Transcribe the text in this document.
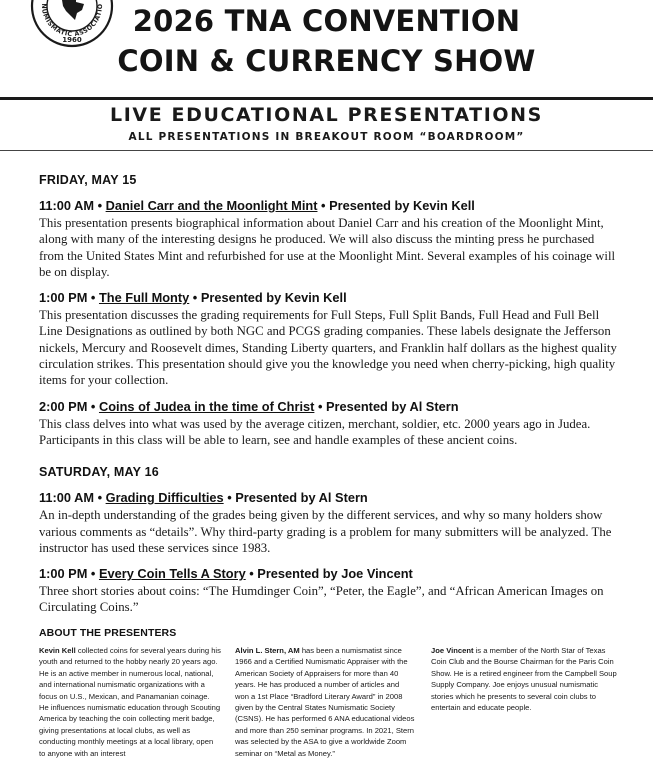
NUMISMATIC ASSOCIATIO
1960
2026 TNA CONVENTION
COIN & CURRENCY SHOW
LIVE EDUCATIONAL PRESENTATIONS
ALL PRESENTATIONS IN BREAKOUT ROOM “BOARDROOM”
FRIDAY, MAY 15
11:00 AM • Daniel Carr and the Moonlight Mint • Presented by Kevin Kell
This presentation presents biographical information about Daniel Carr and his creation of the Moonlight Mint, along with many of the interesting designs he produced. We will also discuss the minting press he purchased from the United States Mint and refurbished for use at the Moonlight Mint. Several examples of his coinage will be on display.
1:00 PM • The Full Monty • Presented by Kevin Kell
This presentation discusses the grading requirements for Full Steps, Full Split Bands, Full Head and Full Bell Line Designations as outlined by both NGC and PCGS grading companies. These labels designate the Jefferson nickels, Mercury and Roosevelt dimes, Standing Liberty quarters, and Franklin half dollars as the highest quality circulation strikes. This presentation should give you the knowledge you need when cherry-picking, high quality items for your collection.
2:00 PM • Coins of Judea in the time of Christ • Presented by Al Stern
This class delves into what was used by the average citizen, merchant, soldier, etc. 2000 years ago in Judea. Participants in this class will be able to learn, see and handle examples of these ancient coins.
SATURDAY, MAY 16
11:00 AM • Grading Difficulties • Presented by Al Stern
An in-depth understanding of the grades being given by the different services, and why so many holders show various comments as “details”. Why third-party grading is a problem for many submitters will be analyzed. The instructor has used these services since 1983.
1:00 PM • Every Coin Tells A Story • Presented by Joe Vincent
Three short stories about coins: “The Humdinger Coin”, “Peter, the Eagle”, and “African American Images on Circulating Coins.”
ABOUT THE PRESENTERS
Kevin Kell collected coins for several years during his youth and returned to the hobby nearly 20 years ago. He is an active member in numerous local, national, and international numismatic organizations with a focus on U.S., Mexican, and Panamanian coinage. He influences numismatic education through Scouting America by teaching the coin collecting merit badge, giving presentations at local clubs, as well as conducting monthly meetings at a local library, open to anyone with an interest
Alvin L. Stern, AM has been a numismatist since 1966 and a Certified Numismatic Appraiser with the American Society of Appraisers for more than 40 years. He has produced a number of articles and won a 1st Place “Bradford Literary Award” in 2008 given by the Central States Numismatic Society (CSNS). He has performed 6 ANA educational videos and more than 250 seminar programs. In 2021, Stern was selected by the ASA to give a worldwide Zoom seminar on “Metal as Money.”
Joe Vincent is a member of the North Star of Texas Coin Club and the Bourse Chairman for the Paris Coin Show. He is a retired engineer from the Campbell Soup Supply Company. Joe enjoys unusual numismatic stories which he presents to several coin clubs to entertain and educate people.
